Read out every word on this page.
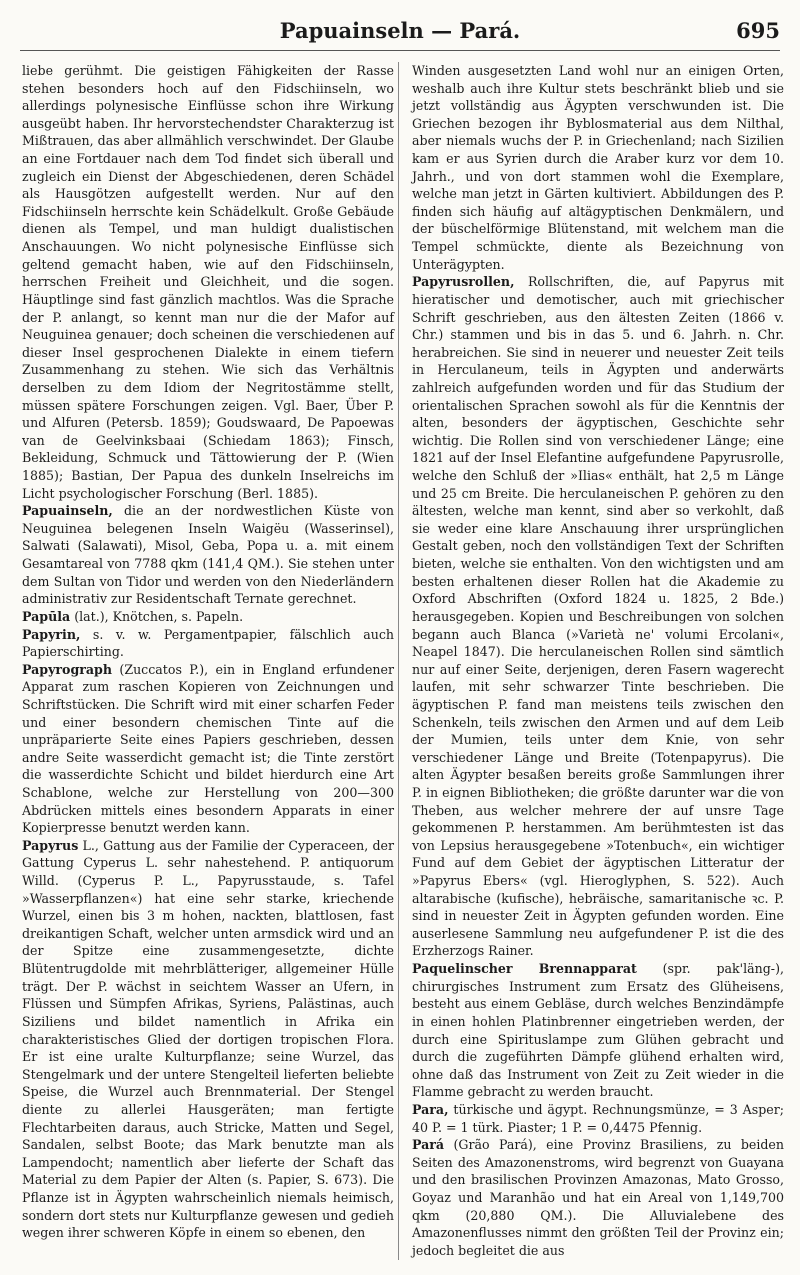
Papuainseln — Pará.	695

liebe gerühmt. Die geistigen Fähigkeiten der Rasse stehen besonders hoch auf den Fidschiinseln, wo allerdings polynesische Einflüsse schon ihre Wirkung ausgeübt haben. Ihr hervorstechendster Charakterzug ist Mißtrauen, das aber allmählich verschwindet. Der Glaube an eine Fortdauer nach dem Tod findet sich überall und zugleich ein Dienst der Abgeschiedenen, deren Schädel als Hausgötzen aufgestellt werden. Nur auf den Fidschiinseln herrschte kein Schädelkult. Große Gebäude dienen als Tempel, und man huldigt dualistischen Anschauungen. Wo nicht polynesische Einflüsse sich geltend gemacht haben, wie auf den Fidschiinseln, herrschen Freiheit und Gleichheit, und die sogen. Häuptlinge sind fast gänzlich machtlos. Was die Sprache der P. anlangt, so kennt man nur die der Mafor auf Neuguinea genauer; doch scheinen die verschiedenen auf dieser Insel gesprochenen Dialekte in einem tiefern Zusammenhang zu stehen. Wie sich das Verhältnis derselben zu dem Idiom der Negritostämme stellt, müssen spätere Forschungen zeigen. Vgl. Baer, Über P. und Alfuren (Petersb. 1859); Goudswaard, De Papoewas van de Geelvinksbaai (Schiedam 1863); Finsch, Bekleidung, Schmuck und Tättowierung der P. (Wien 1885); Bastian, Der Papua des dunkeln Inselreichs im Licht psychologischer Forschung (Berl. 1885).

Papuainseln, die an der nordwestlichen Küste von Neuguinea belegenen Inseln Waigëu (Wasserinsel), Salwati (Salawati), Misol, Geba, Popa u. a. mit einem Gesamtareal von 7788 qkm (141,4 QM.). Sie stehen unter dem Sultan von Tidor und werden von den Niederländern administrativ zur Residentschaft Ternate gerechnet.

Papūla (lat.), Knötchen, s. Papeln.

Papyrin, s. v. w. Pergamentpapier, fälschlich auch Papierschirting.

Papyrograph (Zuccatos P.), ein in England erfundener Apparat zum raschen Kopieren von Zeichnungen und Schriftstücken. Die Schrift wird mit einer scharfen Feder und einer besondern chemischen Tinte auf die unpräparierte Seite eines Papiers geschrieben, dessen andre Seite wasserdicht gemacht ist; die Tinte zerstört die wasserdichte Schicht und bildet hierdurch eine Art Schablone, welche zur Herstellung von 200—300 Abdrücken mittels eines besondern Apparats in einer Kopierpresse benutzt werden kann.

Papyrus L., Gattung aus der Familie der Cyperaceen, der Gattung Cyperus L. sehr nahestehend. P. antiquorum Willd. (Cyperus P. L., Papyrusstaude, s. Tafel »Wasserpflanzen«) hat eine sehr starke, kriechende Wurzel, einen bis 3 m hohen, nackten, blattlosen, fast dreikantigen Schaft, welcher unten armsdick wird und an der Spitze eine zusammengesetzte, dichte Blütentrugdolde mit mehrblätteriger, allgemeiner Hülle trägt. Der P. wächst in seichtem Wasser an Ufern, in Flüssen und Sümpfen Afrikas, Syriens, Palästinas, auch Siziliens und bildet namentlich in Afrika ein charakteristisches Glied der dortigen tropischen Flora. Er ist eine uralte Kulturpflanze; seine Wurzel, das Stengelmark und der untere Stengelteil lieferten beliebte Speise, die Wurzel auch Brennmaterial. Der Stengel diente zu allerlei Hausgeräten; man fertigte Flechtarbeiten daraus, auch Stricke, Matten und Segel, Sandalen, selbst Boote; das Mark benutzte man als Lampendocht; namentlich aber lieferte der Schaft das Material zu dem Papier der Alten (s. Papier, S. 673). Die Pflanze ist in Ägypten wahrscheinlich niemals heimisch, sondern dort stets nur Kulturpflanze gewesen und gedieh wegen ihrer schweren Köpfe in einem so ebenen, den

Winden ausgesetzten Land wohl nur an einigen Orten, weshalb auch ihre Kultur stets beschränkt blieb und sie jetzt vollständig aus Ägypten verschwunden ist. Die Griechen bezogen ihr Byblosmaterial aus dem Nilthal, aber niemals wuchs der P. in Griechenland; nach Sizilien kam er aus Syrien durch die Araber kurz vor dem 10. Jahrh., und von dort stammen wohl die Exemplare, welche man jetzt in Gärten kultiviert. Abbildungen des P. finden sich häufig auf altägyptischen Denkmälern, und der büschelförmige Blütenstand, mit welchem man die Tempel schmückte, diente als Bezeichnung von Unterägypten.

Papyrusrollen, Rollschriften, die, auf Papyrus mit hieratischer und demotischer, auch mit griechischer Schrift geschrieben, aus den ältesten Zeiten (1866 v. Chr.) stammen und bis in das 5. und 6. Jahrh. n. Chr. herabreichen. Sie sind in neuerer und neuester Zeit teils in Herculaneum, teils in Ägypten und anderwärts zahlreich aufgefunden worden und für das Studium der orientalischen Sprachen sowohl als für die Kenntnis der alten, besonders der ägyptischen, Geschichte sehr wichtig. Die Rollen sind von verschiedener Länge; eine 1821 auf der Insel Elefantine aufgefundene Papyrusrolle, welche den Schluß der »Ilias« enthält, hat 2,5 m Länge und 25 cm Breite. Die herculaneischen P. gehören zu den ältesten, welche man kennt, sind aber so verkohlt, daß sie weder eine klare Anschauung ihrer ursprünglichen Gestalt geben, noch den vollständigen Text der Schriften bieten, welche sie enthalten. Von den wichtigsten und am besten erhaltenen dieser Rollen hat die Akademie zu Oxford Abschriften (Oxford 1824 u. 1825, 2 Bde.) herausgegeben. Kopien und Beschreibungen von solchen begann auch Blanca (»Varietà ne' volumi Ercolani«, Neapel 1847). Die herculaneischen Rollen sind sämtlich nur auf einer Seite, derjenigen, deren Fasern wagerecht laufen, mit sehr schwarzer Tinte beschrieben. Die ägyptischen P. fand man meistens teils zwischen den Schenkeln, teils zwischen den Armen und auf dem Leib der Mumien, teils unter dem Knie, von sehr verschiedener Länge und Breite (Totenpapyrus). Die alten Ägypter besaßen bereits große Sammlungen ihrer P. in eignen Bibliotheken; die größte darunter war die von Theben, aus welcher mehrere der auf unsre Tage gekommenen P. herstammen. Am berühmtesten ist das von Lepsius herausgegebene »Totenbuch«, ein wichtiger Fund auf dem Gebiet der ägyptischen Litteratur der »Papyrus Ebers« (vgl. Hieroglyphen, S. 522). Auch altarabische (kufische), hebräische, samaritanische ꝛc. P. sind in neuester Zeit in Ägypten gefunden worden. Eine auserlesene Sammlung neu aufgefundener P. ist die des Erzherzogs Rainer.

Paquelinscher Brennapparat (spr. pak'läng-), chirurgisches Instrument zum Ersatz des Glüheisens, besteht aus einem Gebläse, durch welches Benzindämpfe in einen hohlen Platinbrenner eingetrieben werden, der durch eine Spirituslampe zum Glühen gebracht und durch die zugeführten Dämpfe glühend erhalten wird, ohne daß das Instrument von Zeit zu Zeit wieder in die Flamme gebracht zu werden braucht.

Para, türkische und ägypt. Rechnungsmünze, = 3 Asper; 40 P. = 1 türk. Piaster; 1 P. = 0,4475 Pfennig.

Pará (Grão Pará), eine Provinz Brasiliens, zu beiden Seiten des Amazonenstroms, wird begrenzt von Guayana und den brasilischen Provinzen Amazonas, Mato Grosso, Goyaz und Maranhão und hat ein Areal von 1,149,700 qkm (20,880 QM.). Die Alluvialebene des Amazonenflusses nimmt den größten Teil der Provinz ein; jedoch begleitet die aus
